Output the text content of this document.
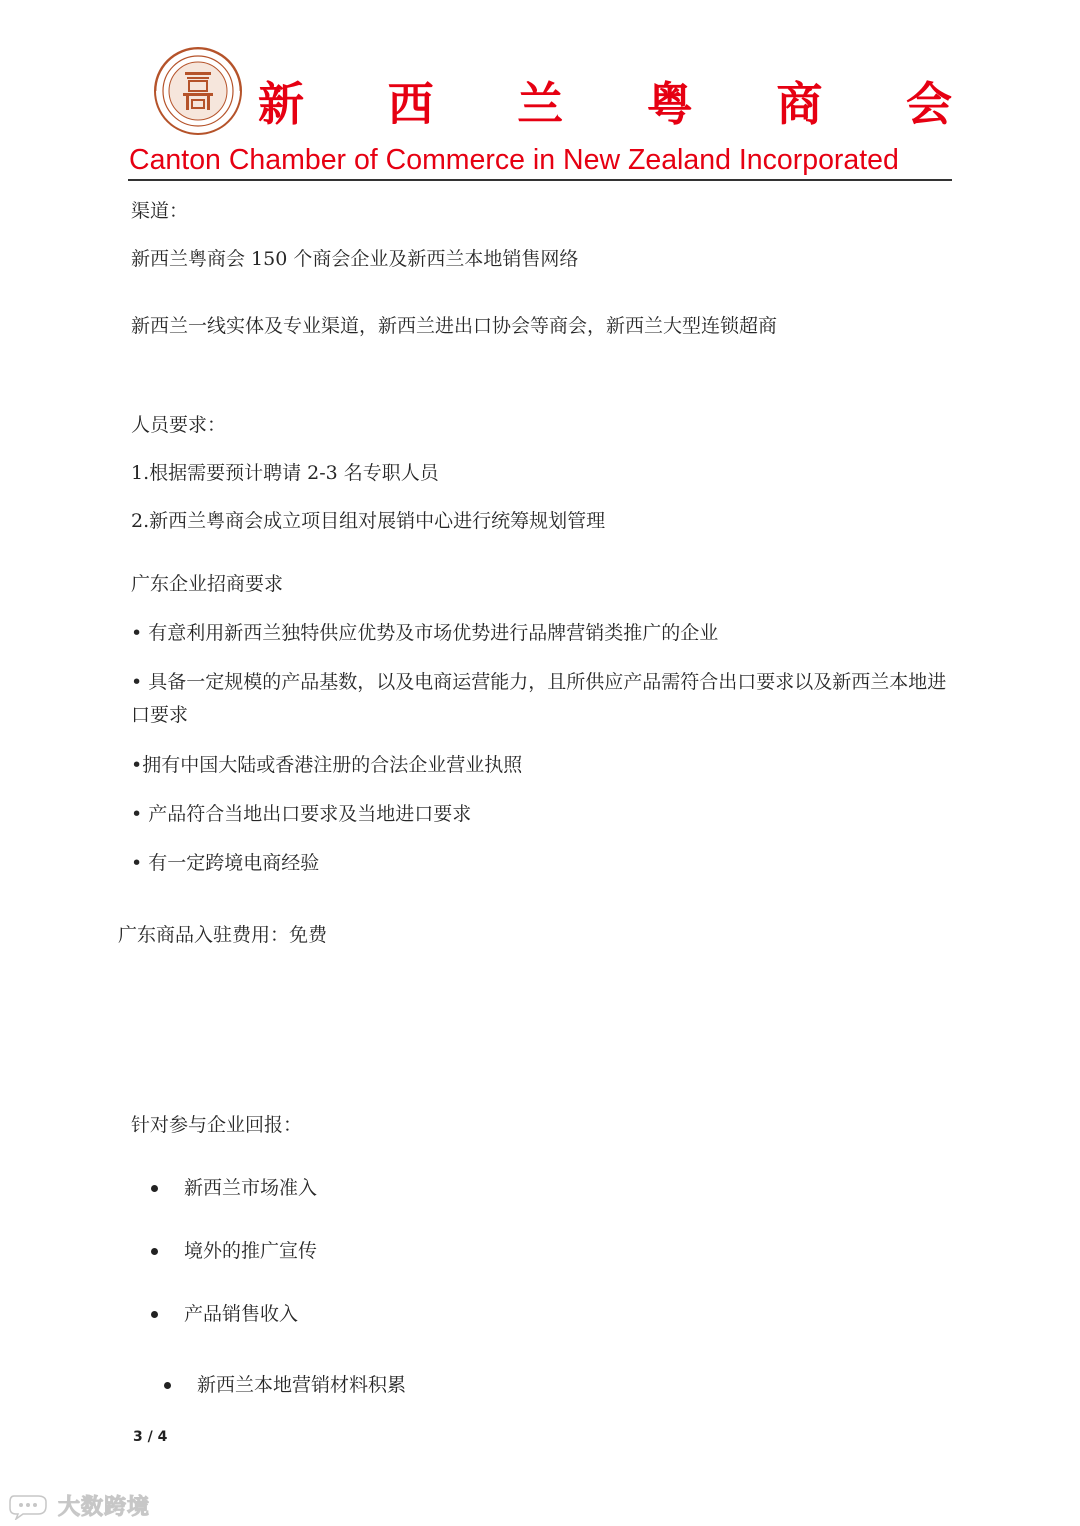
新 西 兰 粤 商 会
Canton Chamber of Commerce in New Zealand Incorporated
渠道：
新西兰粤商会 150 个商会企业及新西兰本地销售网络
新西兰一线实体及专业渠道，新西兰进出口协会等商会，新西兰大型连锁超商
人员要求：
1.根据需要预计聘请 2-3 名专职人员
2.新西兰粤商会成立项目组对展销中心进行统筹规划管理
广东企业招商要求
• 有意利用新西兰独特供应优势及市场优势进行品牌营销类推广的企业
• 具备一定规模的产品基数，以及电商运营能力，且所供应产品需符合出口要求以及新西兰本地进口要求
•拥有中国大陆或香港注册的合法企业营业执照
• 产品符合当地出口要求及当地进口要求
• 有一定跨境电商经验
广东商品入驻费用：免费
针对参与企业回报：
新西兰市场准入
境外的推广宣传
产品销售收入
新西兰本地营销材料积累
3 / 4
大数跨境
